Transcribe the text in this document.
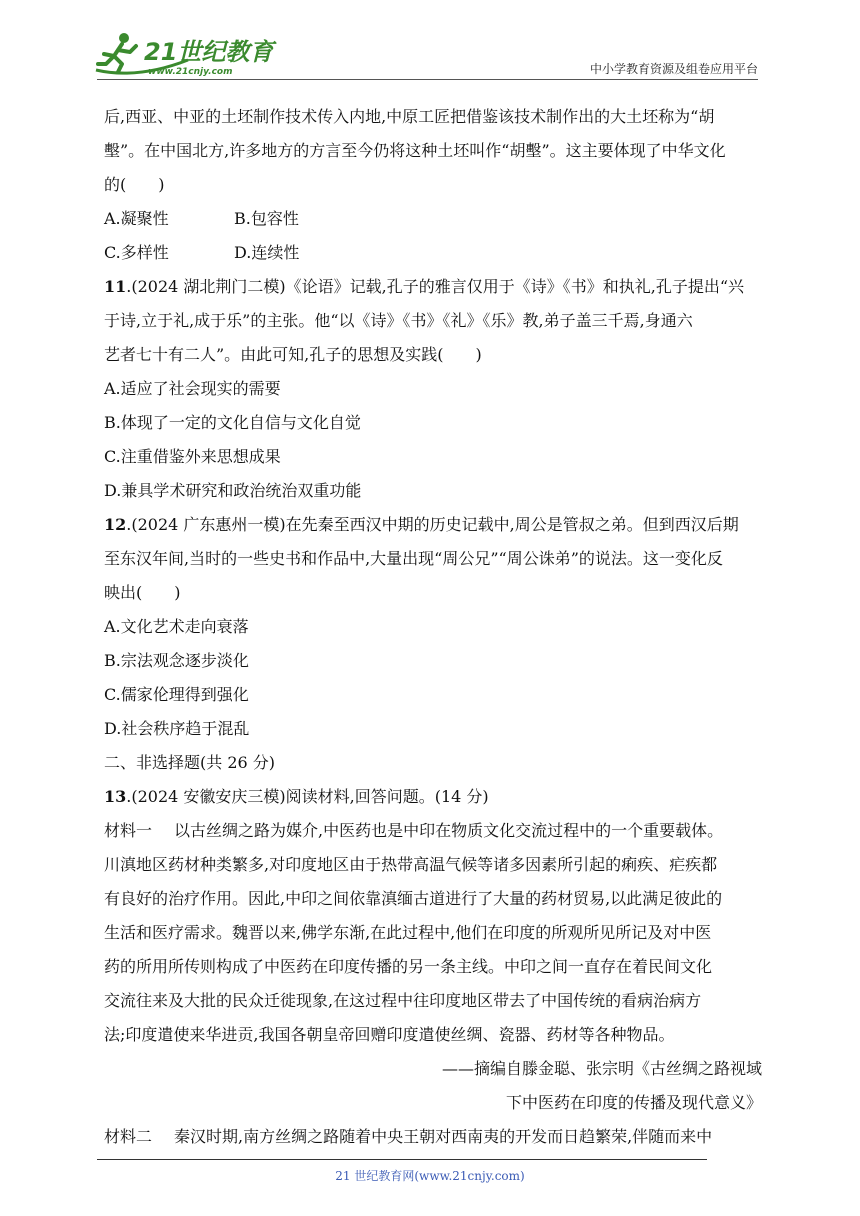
21世纪教育
www.21cnjy.com	中小学教育资源及组卷应用平台

后,西亚、中亚的土坯制作技术传入内地,中原工匠把借鉴该技术制作出的大土坯称为“胡

墼”。在中国北方,许多地方的方言至今仍将这种土坯叫作“胡墼”。这主要体现了中华文化

的(　　)

A.凝聚性	B.包容性
C.多样性	D.连续性

11.(2024 湖北荆门二模)《论语》记载,孔子的雅言仅用于《诗》《书》和执礼,孔子提出“兴

于诗,立于礼,成于乐”的主张。他“以《诗》《书》《礼》《乐》教,弟子盖三千焉,身通六

艺者七十有二人”。由此可知,孔子的思想及实践(　　)

A.适应了社会现实的需要

B.体现了一定的文化自信与文化自觉

C.注重借鉴外来思想成果

D.兼具学术研究和政治统治双重功能

12.(2024 广东惠州一模)在先秦至西汉中期的历史记载中,周公是管叔之弟。但到西汉后期

至东汉年间,当时的一些史书和作品中,大量出现“周公兄”“周公诛弟”的说法。这一变化反

映出(　　)

A.文化艺术走向衰落

B.宗法观念逐步淡化

C.儒家伦理得到强化

D.社会秩序趋于混乱

二、非选择题(共 26 分)

13.(2024 安徽安庆三模)阅读材料,回答问题。(14 分)

材料一 以古丝绸之路为媒介,中医药也是中印在物质文化交流过程中的一个重要载体。

川滇地区药材种类繁多,对印度地区由于热带高温气候等诸多因素所引起的痢疾、疟疾都

有良好的治疗作用。因此,中印之间依靠滇缅古道进行了大量的药材贸易,以此满足彼此的

生活和医疗需求。魏晋以来,佛学东渐,在此过程中,他们在印度的所观所见所记及对中医

药的所用所传则构成了中医药在印度传播的另一条主线。中印之间一直存在着民间文化

交流往来及大批的民众迁徙现象,在这过程中往印度地区带去了中国传统的看病治病方

法;印度遣使来华进贡,我国各朝皇帝回赠印度遣使丝绸、瓷器、药材等各种物品。

——摘编自滕金聪、张宗明《古丝绸之路视域

下中医药在印度的传播及现代意义》

材料二 秦汉时期,南方丝绸之路随着中央王朝对西南夷的开发而日趋繁荣,伴随而来中

21 世纪教育网(www.21cnjy.com)
